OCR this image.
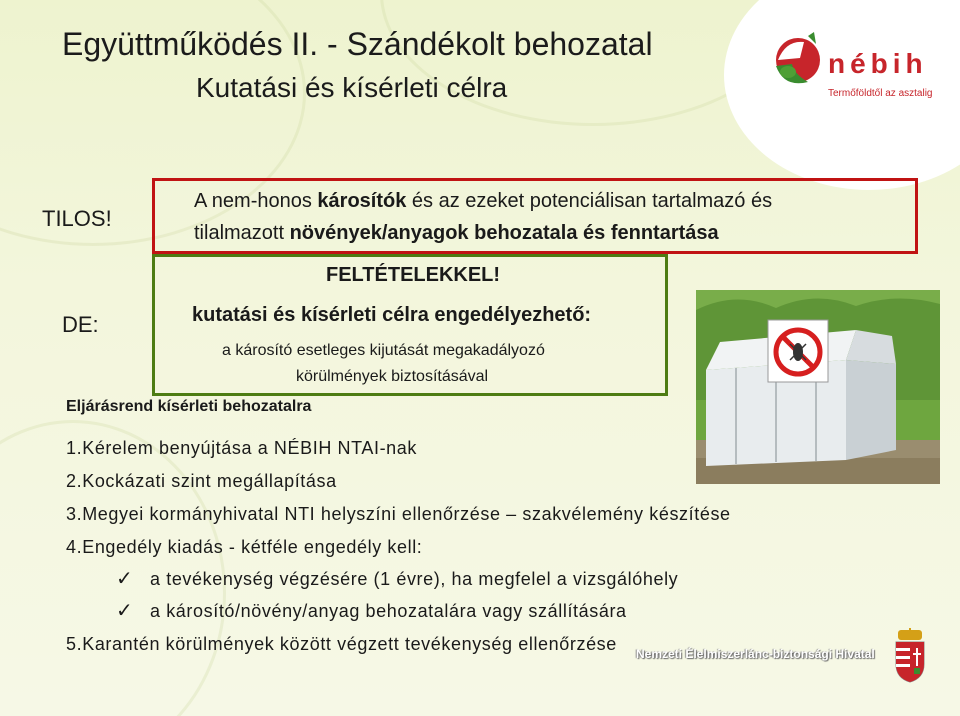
Együttműködés II. - Szándékolt behozatal
Kutatási és kísérleti célra
nébih
Termőföldtől az asztalig
TILOS!
A nem-honos károsítók és az ezeket potenciálisan tartalmazó és
tilalmazott növények/anyagok behozatala és fenntartása
DE:
FELTÉTELEKKEL!
kutatási és kísérleti célra engedélyezhető:
a károsító esetleges kijutását megakadályozó
körülmények biztosításával
Eljárásrend kísérleti behozatalra
1.Kérelem benyújtása a NÉBIH NTAI-nak
2.Kockázati szint megállapítása
3.Megyei kormányhivatal NTI helyszíni ellenőrzése – szakvélemény készítése
4.Engedély kiadás - kétféle engedély kell:
✓ a tevékenység végzésére (1 évre), ha megfelel a vizsgálóhely
✓ a károsító/növény/anyag behozatalára vagy szállítására
5.Karantén körülmények között végzett tevékenység ellenőrzése Nemzeti Élelmiszerlánc-biztonsági Hivatal
